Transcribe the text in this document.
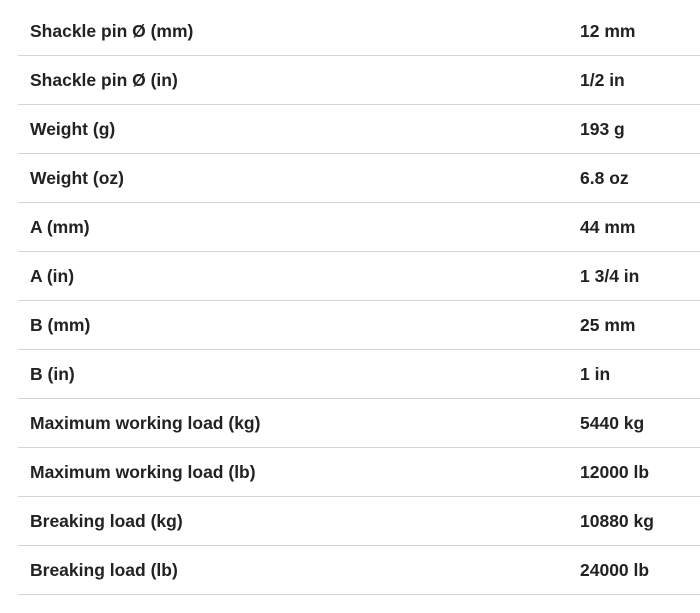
Shackle pin Ø (mm)	12 mm
Shackle pin Ø (in)	1/2 in
Weight (g)	193 g
Weight (oz)	6.8 oz
A (mm)	44 mm
A (in)	1 3/4 in
B (mm)	25 mm
B (in)	1 in
Maximum working load (kg)	5440 kg
Maximum working load (lb)	12000 lb
Breaking load (kg)	10880 kg
Breaking load (lb)	24000 lb
